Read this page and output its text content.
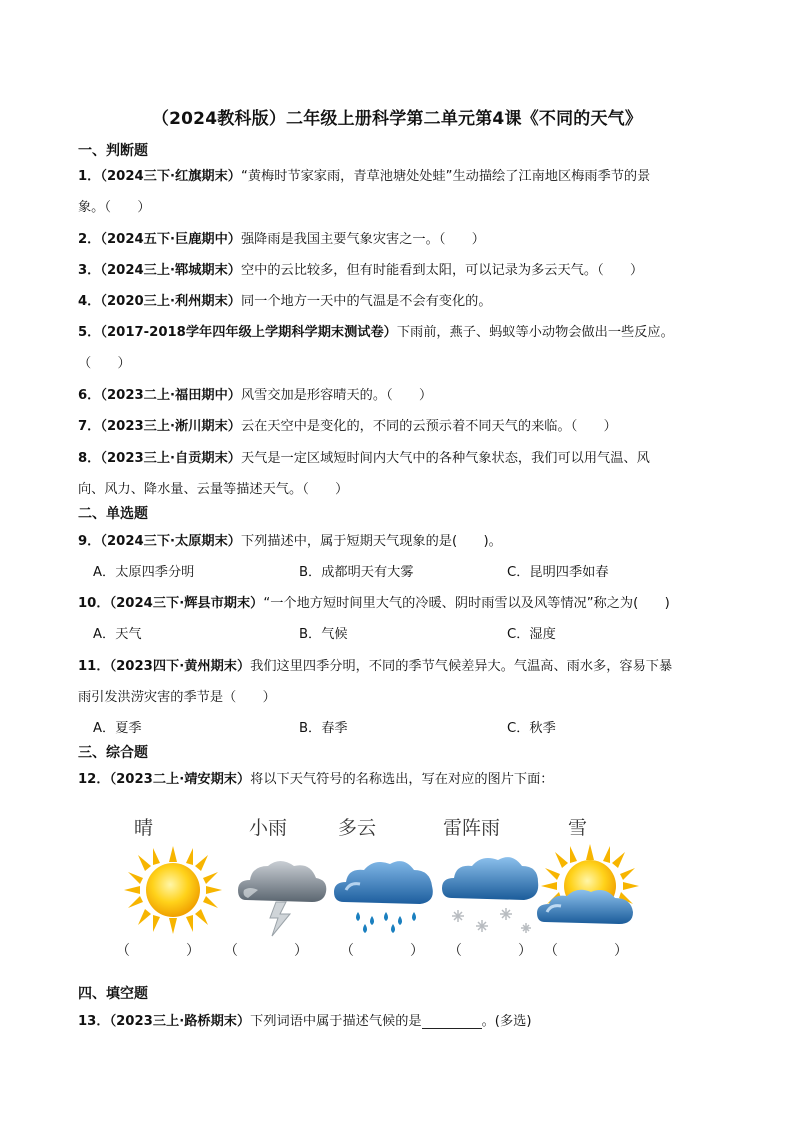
（2024教科版）二年级上册科学第二单元第4课《不同的天气》
一、判断题
1．（2024三下·红旗期末）“黄梅时节家家雨，青草池塘处处蛙”生动描绘了江南地区梅雨季节的景
象。（　　）
2．（2024五下·巨鹿期中）强降雨是我国主要气象灾害之一。（　　）
3．（2024三上·郓城期末）空中的云比较多，但有时能看到太阳，可以记录为多云天气。（　　）
4．（2020三上·利州期末）同一个地方一天中的气温是不会有变化的。
5．（2017-2018学年四年级上学期科学期末测试卷）下雨前，燕子、蚂蚁等小动物会做出一些反应。
（　　）
6．（2023二上·福田期中）风雪交加是形容晴天的。（　　）
7．（2023三上·淅川期末）云在天空中是变化的，不同的云预示着不同天气的来临。（　　）
8．（2023三上·自贡期末）天气是一定区域短时间内大气中的各种气象状态，我们可以用气温、风
向、风力、降水量、云量等描述天气。（　　）
二、单选题
9．（2024三下·太原期末）下列描述中，属于短期天气现象的是(　　)。
A．太原四季分明	B．成都明天有大雾	C．昆明四季如春
10．（2024三下·辉县市期末）“一个地方短时间里大气的冷暖、阴时雨雪以及风等情况”称之为(　　)
A．天气	B．气候	C．湿度
11．（2023四下·黄州期末）我们这里四季分明，不同的季节气候差异大。气温高、雨水多，容易下暴
雨引发洪涝灾害的季节是（　　）
A．夏季	B．春季	C．秋季
三、综合题
12．（2023二上·靖安期末）将以下天气符号的名称选出，写在对应的图片下面：
晴	小雨	多云	雷阵雨	雪
（　　　　） （　　　　） （　　　　） （　　　　） （　　　　）
四、填空题
13．（2023三上·路桥期末）下列词语中属于描述气候的是	。(多选)
